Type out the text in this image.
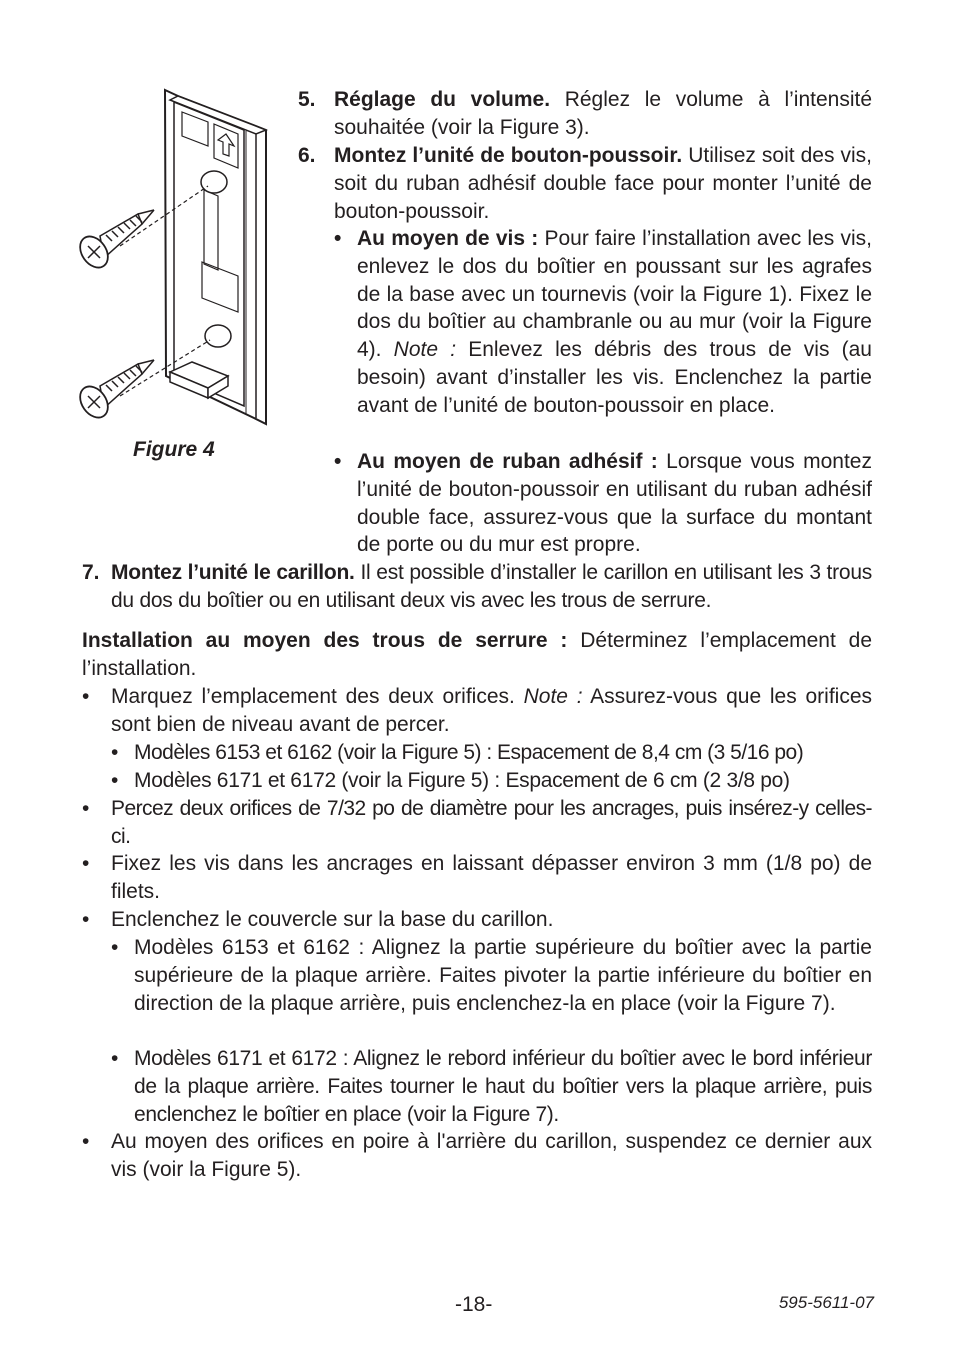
Figure 4
5. Réglage du volume. Réglez le volume à l’intensité souhaitée (voir la Figure 3).

6. Montez l’unité de bouton-poussoir. Utilisez soit des vis, soit du ruban adhésif double face pour monter l’unité de bouton-poussoir.

• Au moyen de vis : Pour faire l’installation avec les vis, enlevez le dos du boîtier en poussant sur les agrafes de la base avec un tournevis (voir la Figure 1). Fixez le dos du boîtier au chambranle ou au mur (voir la Figure 4). Note : Enlevez les débris des trous de vis (au besoin) avant d’installer les vis. Enclenchez la partie avant de l’unité de bouton-poussoir en place.

• Au moyen de ruban adhésif : Lorsque vous montez l’unité de bouton-poussoir en utilisant du ruban adhésif double face, assurez-vous que la surface du montant de porte ou du mur est propre.

7. Montez l’unité le carillon. Il est possible d’installer le carillon en utilisant les 3 trous du dos du boîtier ou en utilisant deux vis avec les trous de serrure.

Installation au moyen des trous de serrure : Déterminez l’emplacement de l’installation.

• Marquez l’emplacement des deux orifices. Note : Assurez-vous que les orifices sont bien de niveau avant de percer.

• Modèles 6153 et 6162 (voir la Figure 5) : Espacement de 8,4 cm (3 5/16 po)

• Modèles 6171 et 6172 (voir la Figure 5) : Espacement de 6 cm (2 3/8 po)

• Percez deux orifices de 7/32 po de diamètre pour les ancrages, puis insérez-y celles-ci.

• Fixez les vis dans les ancrages en laissant dépasser environ 3 mm (1/8 po) de filets.

• Enclenchez le couvercle sur la base du carillon.

• Modèles 6153 et 6162 : Alignez la partie supérieure du boîtier avec la partie supérieure de la plaque arrière. Faites pivoter la partie inférieure du boîtier en direction de la plaque arrière, puis enclenchez-la en place (voir la Figure 7).

• Modèles 6171 et 6172 : Alignez le rebord inférieur du boîtier avec le bord inférieur de la plaque arrière. Faites tourner le haut du boîtier vers la plaque arrière, puis enclenchez le boîtier en place (voir la Figure 7).

• Au moyen des orifices en poire à l'arrière du carillon, suspendez ce dernier aux vis (voir la Figure 5).

-18-	595-5611-07
